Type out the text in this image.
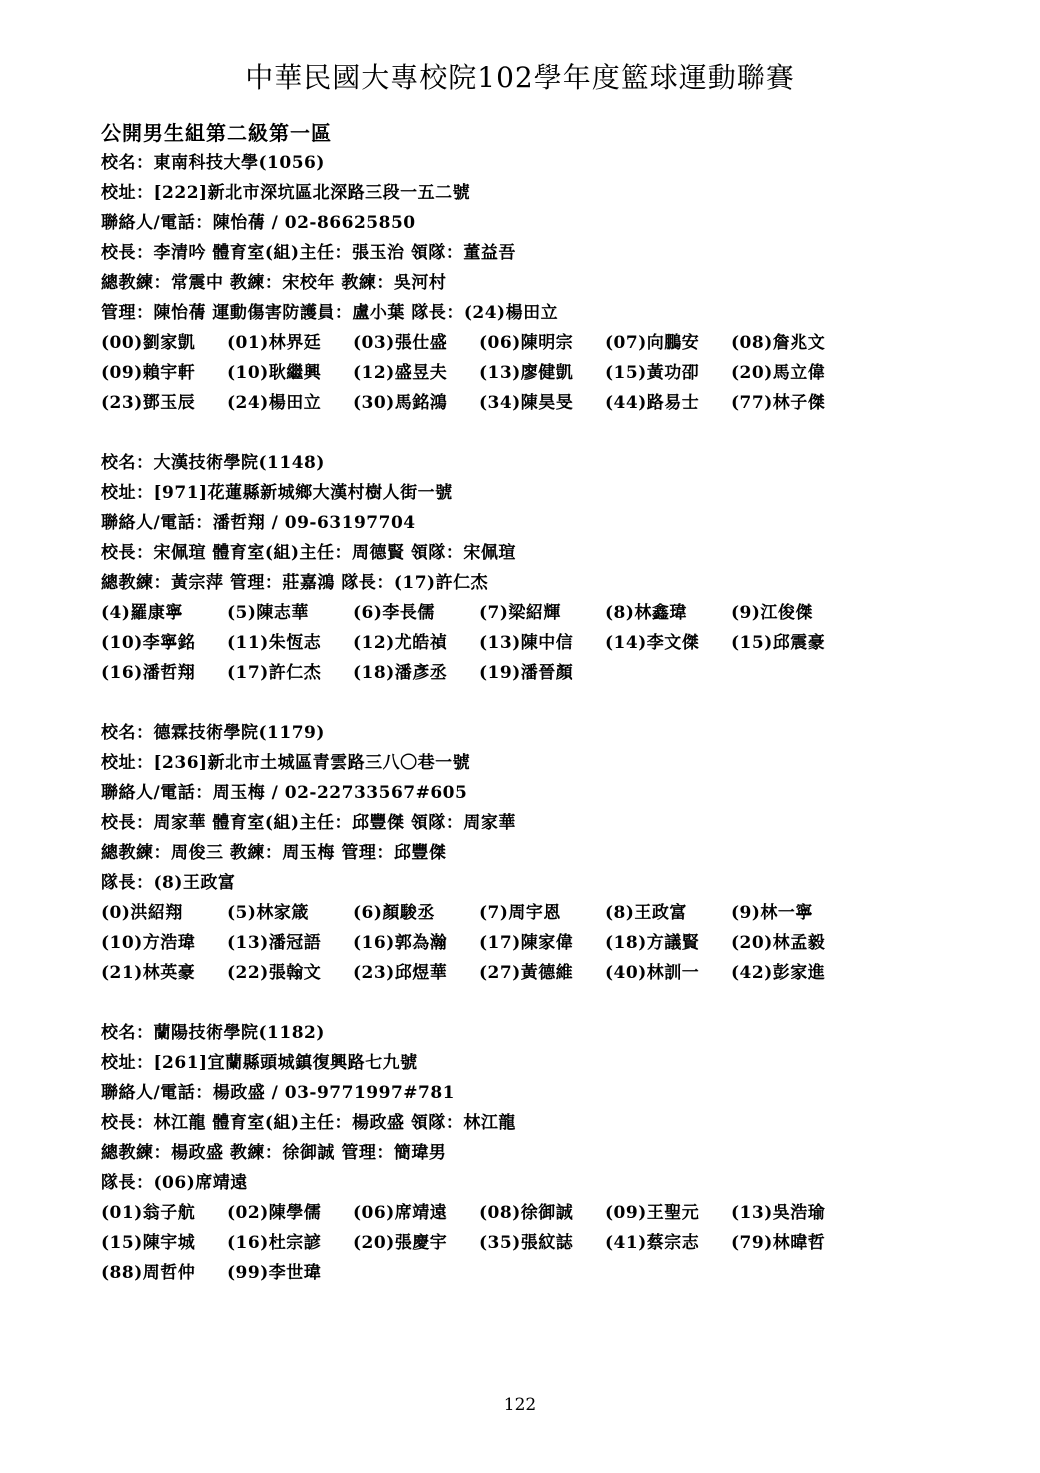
中華民國大專校院102學年度籃球運動聯賽
公開男生組第二級第一區
校名：東南科技大學(1056)
校址：[222]新北市深坑區北深路三段一五二號
聯絡人/電話：陳怡蒨 / 02-86625850
校長：李清吟 體育室(組)主任：張玉治 領隊：董益吾
總教練：常震中 教練：宋校年 教練：吳河村
管理：陳怡蒨 運動傷害防護員：盧小葉 隊長：(24)楊田立
(00)劉家凱	(01)林界廷	(03)張仕盛	(06)陳明宗	(07)向鵬安	(08)詹兆文
(09)賴宇軒	(10)耿繼興	(12)盛昱夫	(13)廖健凱	(15)黃功卲	(20)馬立偉
(23)鄧玉辰	(24)楊田立	(30)馬銘鴻	(34)陳昊旻	(44)路易士	(77)林子傑
校名：大漢技術學院(1148)
校址：[971]花蓮縣新城鄉大漢村樹人街一號
聯絡人/電話：潘哲翔 / 09-63197704
校長：宋佩瑄 體育室(組)主任：周德賢 領隊：宋佩瑄
總教練：黃宗萍 管理：莊嘉鴻 隊長：(17)許仁杰
(4)羅康寧	(5)陳志華	(6)李長儒	(7)梁紹輝	(8)林鑫瑋	(9)江俊傑
(10)李寧銘	(11)朱恆志	(12)尤皓禎	(13)陳中信	(14)李文傑	(15)邱震豪
(16)潘哲翔	(17)許仁杰	(18)潘彥丞	(19)潘晉顏
校名：德霖技術學院(1179)
校址：[236]新北市土城區青雲路三八〇巷一號
聯絡人/電話：周玉梅 / 02-22733567#605
校長：周家華 體育室(組)主任：邱豐傑 領隊：周家華
總教練：周俊三 教練：周玉梅 管理：邱豐傑
隊長：(8)王政富
(0)洪紹翔	(5)林家箴	(6)顏駿丞	(7)周宇恩	(8)王政富	(9)林一寧
(10)方浩瑋	(13)潘冠語	(16)郭為瀚	(17)陳家偉	(18)方議賢	(20)林孟毅
(21)林英豪	(22)張翰文	(23)邱煜華	(27)黃德維	(40)林訓一	(42)彭家進
校名：蘭陽技術學院(1182)
校址：[261]宜蘭縣頭城鎮復興路七九號
聯絡人/電話：楊政盛 / 03-9771997#781
校長：林江龍 體育室(組)主任：楊政盛 領隊：林江龍
總教練：楊政盛 教練：徐御誠 管理：簡瑋男
隊長：(06)席靖遠
(01)翁子航	(02)陳學儒	(06)席靖遠	(08)徐御誠	(09)王聖元	(13)吳浩瑜
(15)陳宇城	(16)杜宗諺	(20)張慶宇	(35)張紋誌	(41)蔡宗志	(79)林暐哲
(88)周哲仲	(99)李世瑋
122
